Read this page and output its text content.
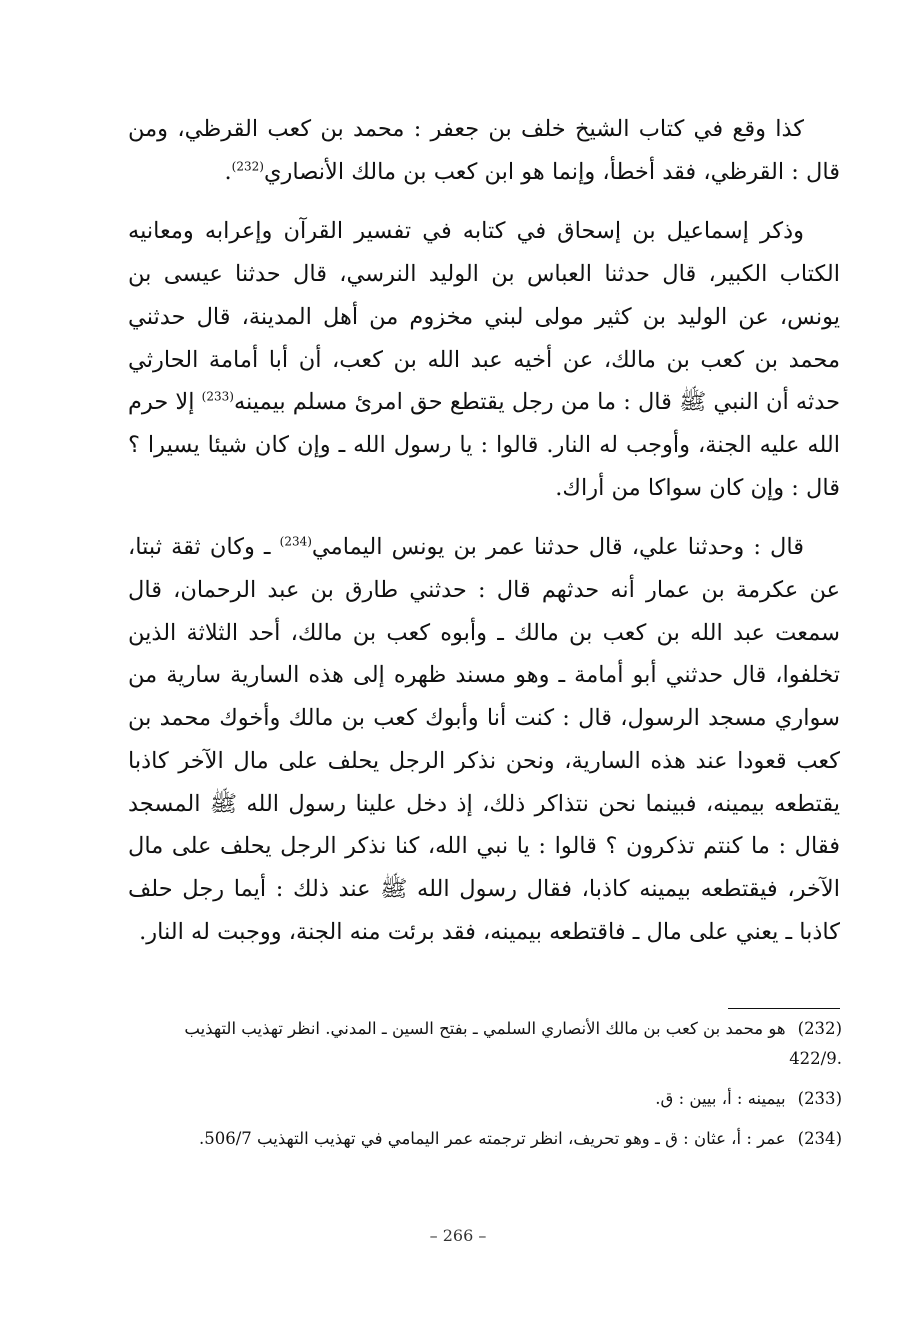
كذا وقع في كتاب الشيخ خلف بن جعفر : محمد بن كعب القرظي، ومن قال : القرظي، فقد أخطأ، وإنما هو ابن كعب بن مالك الأنصاري$^{(232)}$.

وذكر إسماعيل بن إسحاق في كتابه في تفسير القرآن وإعرابه ومعانيه الكتاب الكبير، قال حدثنا العباس بن الوليد النرسي، قال حدثنا عيسى بن يونس، عن الوليد بن كثير مولى لبني مخزوم من أهل المدينة، قال حدثني محمد بن كعب بن مالك، عن أخيه عبد الله بن كعب، أن أبا أمامة الحارثي حدثه أن النبي ﷺ قال : ما من رجل يقتطع حق امرئ مسلم بيمينه$^{(233)}$ إلا حرم الله عليه الجنة، وأوجب له النار. قالوا : يا رسول الله ـ وإن كان شيئا يسيرا ؟ قال : وإن كان سواكا من أراك.

قال : وحدثنا علي، قال حدثنا عمر بن يونس اليمامي$^{(234)}$ ـ وكان ثقة ثبتا، عن عكرمة بن عمار أنه حدثهم قال : حدثني طارق بن عبد الرحمان، قال سمعت عبد الله بن كعب بن مالك ـ وأبوه كعب بن مالك، أحد الثلاثة الذين تخلفوا، قال حدثني أبو أمامة ـ وهو مسند ظهره إلى هذه السارية سارية من سواري مسجد الرسول، قال : كنت أنا وأبوك كعب بن مالك وأخوك محمد بن كعب قعودا عند هذه السارية، ونحن نذكر الرجل يحلف على مال الآخر كاذبا يقتطعه بيمينه، فبينما نحن نتذاكر ذلك، إذ دخل علينا رسول الله ﷺ المسجد فقال : ما كنتم تذكرون ؟ قالوا : يا نبي الله، كنا نذكر الرجل يحلف على مال الآخر، فيقتطعه بيمينه كاذبا، فقال رسول الله ﷺ عند ذلك : أيما رجل حلف كاذبا ـ يعني على مال ـ فاقتطعه بيمينه، فقد برئت منه الجنة، ووجبت له النار.

(232)هو محمد بن كعب بن مالك الأنصاري السلمي ـ بفتح السين ـ المدني. انظر تهذيب التهذيب
.422/9
(233)بيمينه : أ، بيين : ق.
(234)عمر : أ، عثان : ق ـ وهو تحريف، انظر ترجمته عمر اليمامي في تهذيب التهذيب 506/7.
– 266 –
